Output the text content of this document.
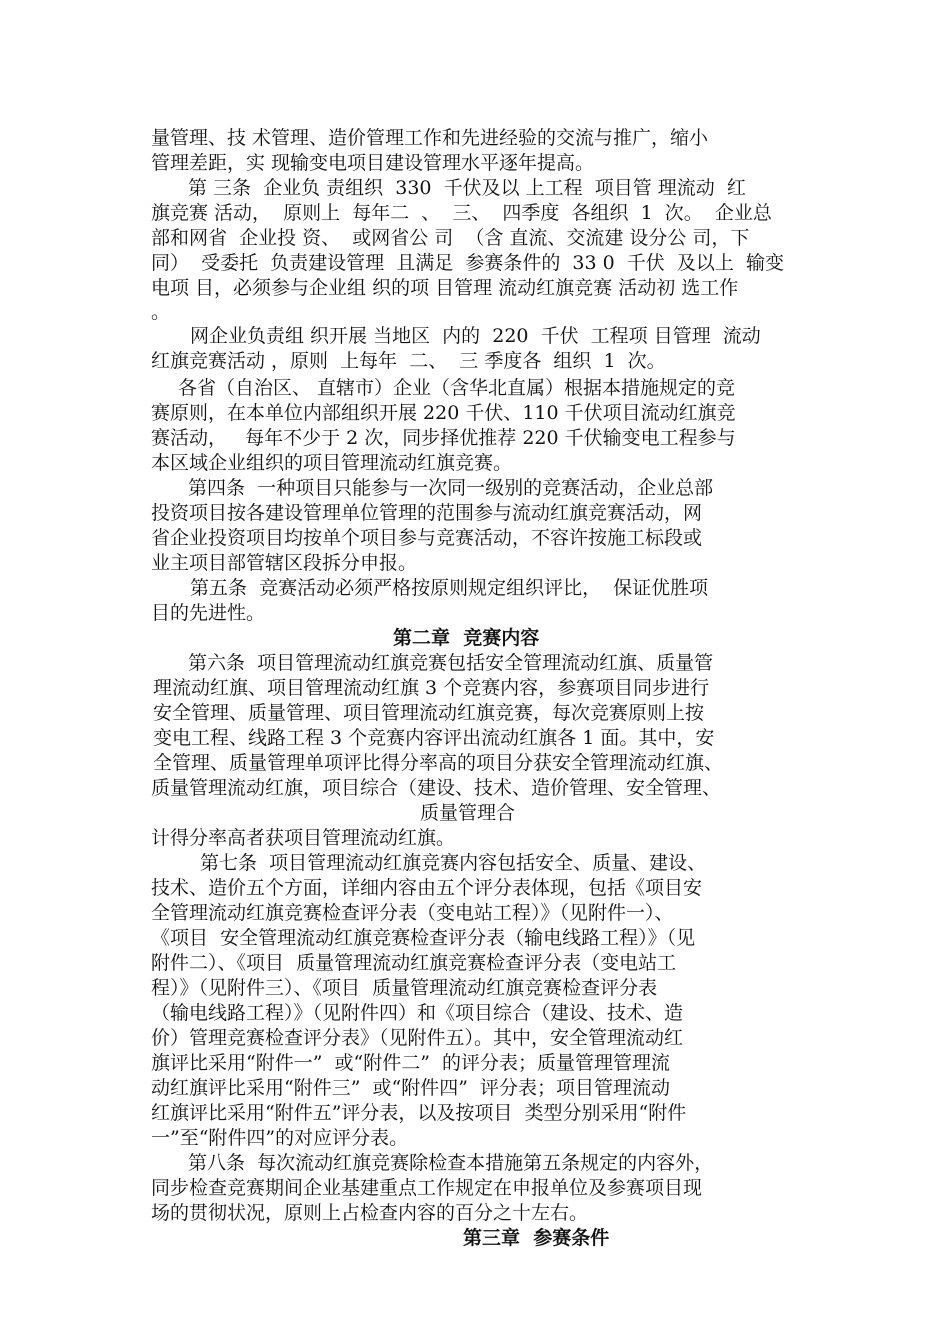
量管理、技 术管理、造价管理工作和先进经验的交流与推广，缩小
管理差距，实 现输变电项目建设管理水平逐年提高。
第 三条  企业负 责组织  330  千伏及以 上工程  项目管 理流动  红
旗竞赛 活动，  原则上  每年二  、  三、  四季度  各组织  1  次。  企业总
部和网省  企业投 资、  或网省公 司  （含 直流、交流建 设分公 司，下
同）  受委托  负责建设管理  且满足  参赛条件的  33 0  千伏  及以上  输变
电项 目，必须参与企业组 织的项 目管理 流动红旗竞赛 活动初 选工作
。
网企业负责组 织开展 当地区  内的  220  千伏  工程项 目管理  流动
红旗竞赛活动 ，原则  上每年  二、  三 季度各  组织  1  次。
各省（自治区、 直辖市）企业（含华北直属）根据本措施规定的竞
赛原则，在本单位内部组织开展 220 千伏、110 千伏项目流动红旗竞
赛活动，   每年不少于 2 次，同步择优推荐 220 千伏输变电工程参与
本区域企业组织的项目管理流动红旗竞赛。
第四条  一种项目只能参与一次同一级别的竞赛活动，企业总部
投资项目按各建设管理单位管理的范围参与流动红旗竞赛活动，网
省企业投资项目均按单个项目参与竞赛活动，不容许按施工标段或
业主项目部管辖区段拆分申报。
第五条  竞赛活动必须严格按原则规定组织评比，  保证优胜项
目的先进性。
第二章  竞赛内容
第六条  项目管理流动红旗竞赛包括安全管理流动红旗、质量管
理流动红旗、项目管理流动红旗 3 个竞赛内容，参赛项目同步进行
安全管理、质量管理、项目管理流动红旗竞赛，每次竞赛原则上按
变电工程、线路工程 3 个竞赛内容评出流动红旗各 1 面。其中，安
全管理、质量管理单项评比得分率高的项目分获安全管理流动红旗、
质量管理流动红旗，项目综合（建设、技术、造价管理、安全管理、
质量管理合
计得分率高者获项目管理流动红旗。
第七条  项目管理流动红旗竞赛内容包括安全、质量、建设、
技术、造价五个方面，详细内容由五个评分表体现，包括《项目安
全管理流动红旗竞赛检查评分表（变电站工程）》（见附件一）、
《项目  安全管理流动红旗竞赛检查评分表（输电线路工程）》（见
附件二）、《项目  质量管理流动红旗竞赛检查评分表（变电站工
程）》（见附件三）、《项目  质量管理流动红旗竞赛检查评分表
（输电线路工程）》（见附件四）和《项目综合（建设、技术、造
价）管理竞赛检查评分表》（见附件五）。其中，安全管理流动红
旗评比采用“附件一”  或“附件二”  的评分表；质量管理管理流
动红旗评比采用“附件三”  或“附件四”  评分表；项目管理流动
红旗评比采用“附件五”评分表，以及按项目  类型分别采用“附件
一”至“附件四”的对应评分表。
第八条  每次流动红旗竞赛除检查本措施第五条规定的内容外，
同步检查竞赛期间企业基建重点工作规定在申报单位及参赛项目现
场的贯彻状况，原则上占检查内容的百分之十左右。
第三章  参赛条件
